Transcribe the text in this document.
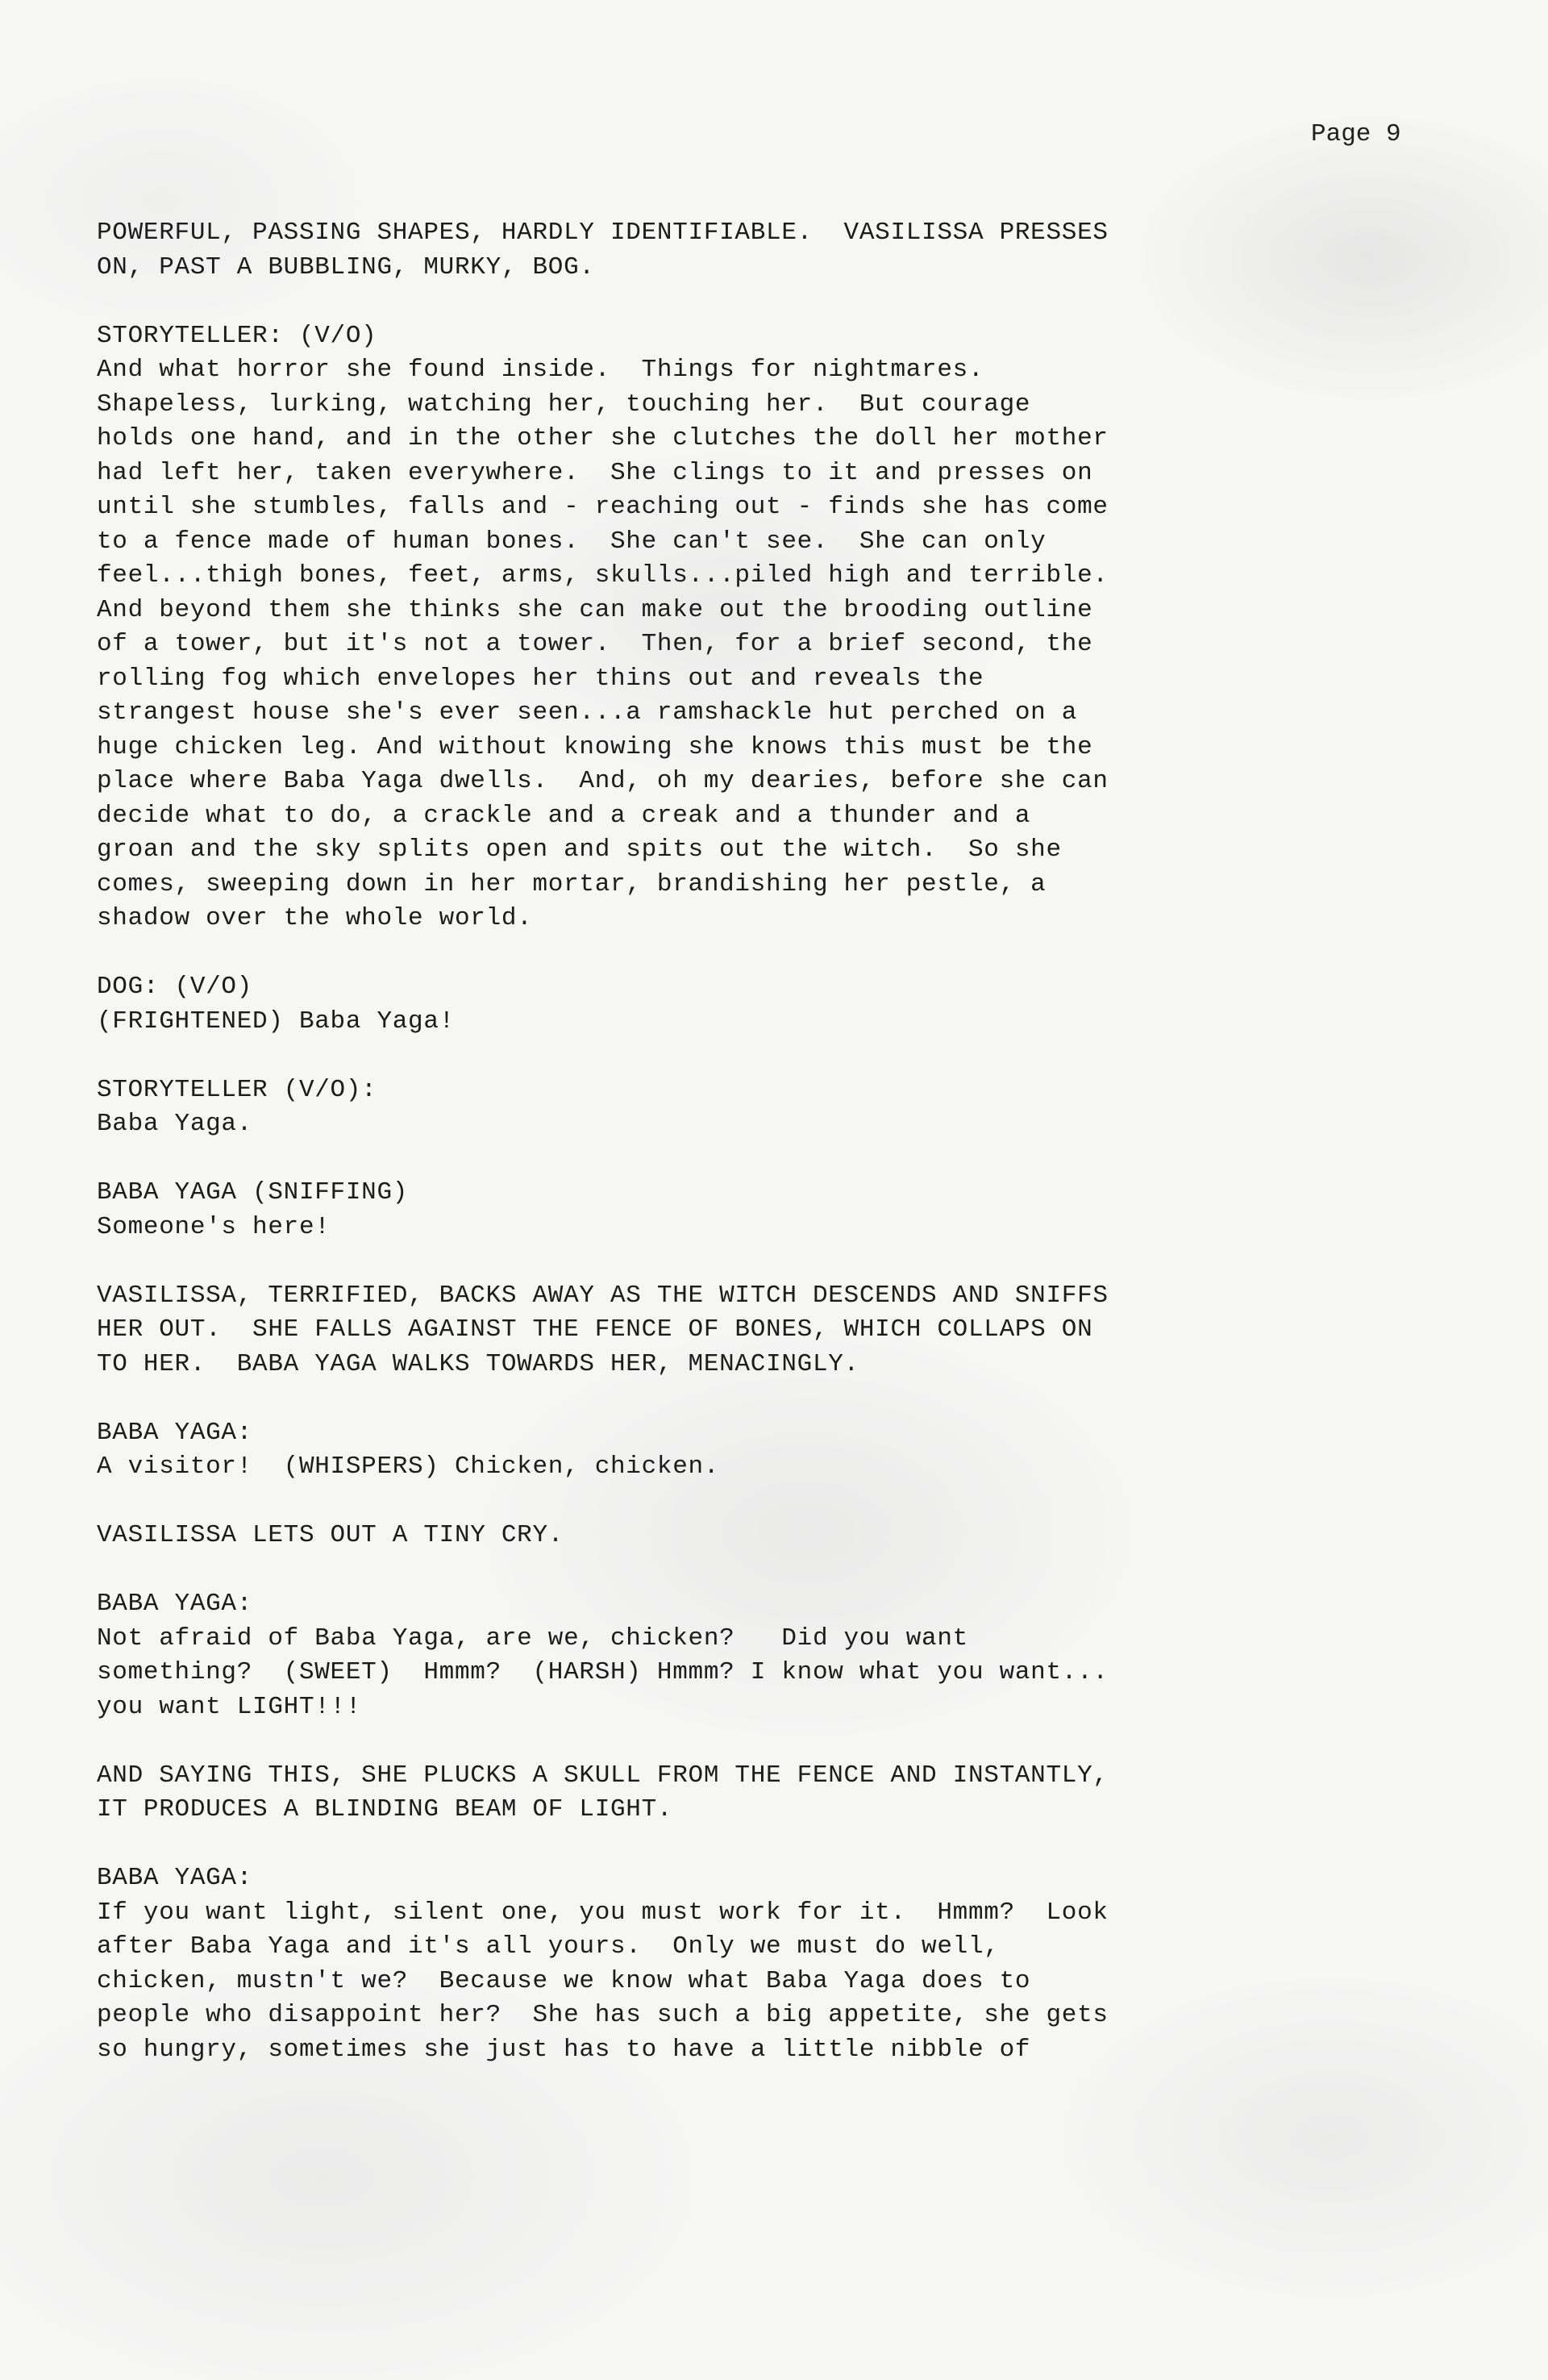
Page 9

POWERFUL, PASSING SHAPES, HARDLY IDENTIFIABLE.  VASILISSA PRESSES

ON, PAST A BUBBLING, MURKY, BOG.

STORYTELLER: (V/O)

And what horror she found inside.  Things for nightmares.

Shapeless, lurking, watching her, touching her.  But courage

holds one hand, and in the other she clutches the doll her mother

had left her, taken everywhere.  She clings to it and presses on

until she stumbles, falls and - reaching out - finds she has come

to a fence made of human bones.  She can't see.  She can only

feel...thigh bones, feet, arms, skulls...piled high and terrible.

And beyond them she thinks she can make out the brooding outline

of a tower, but it's not a tower.  Then, for a brief second, the

rolling fog which envelopes her thins out and reveals the

strangest house she's ever seen...a ramshackle hut perched on a

huge chicken leg. And without knowing she knows this must be the

place where Baba Yaga dwells.  And, oh my dearies, before she can

decide what to do, a crackle and a creak and a thunder and a

groan and the sky splits open and spits out the witch.  So she

comes, sweeping down in her mortar, brandishing her pestle, a

shadow over the whole world.

DOG: (V/O)

(FRIGHTENED) Baba Yaga!

STORYTELLER (V/O):

Baba Yaga.

BABA YAGA (SNIFFING)

Someone's here!

VASILISSA, TERRIFIED, BACKS AWAY AS THE WITCH DESCENDS AND SNIFFS

HER OUT.  SHE FALLS AGAINST THE FENCE OF BONES, WHICH COLLAPS ON

TO HER.  BABA YAGA WALKS TOWARDS HER, MENACINGLY.

BABA YAGA:

A visitor!  (WHISPERS) Chicken, chicken.

VASILISSA LETS OUT A TINY CRY.

BABA YAGA:

Not afraid of Baba Yaga, are we, chicken?   Did you want

something?  (SWEET)  Hmmm?  (HARSH) Hmmm? I know what you want...

you want LIGHT!!!

AND SAYING THIS, SHE PLUCKS A SKULL FROM THE FENCE AND INSTANTLY,

IT PRODUCES A BLINDING BEAM OF LIGHT.

BABA YAGA:

If you want light, silent one, you must work for it.  Hmmm?  Look

after Baba Yaga and it's all yours.  Only we must do well,

chicken, mustn't we?  Because we know what Baba Yaga does to

people who disappoint her?  She has such a big appetite, she gets

so hungry, sometimes she just has to have a little nibble of
